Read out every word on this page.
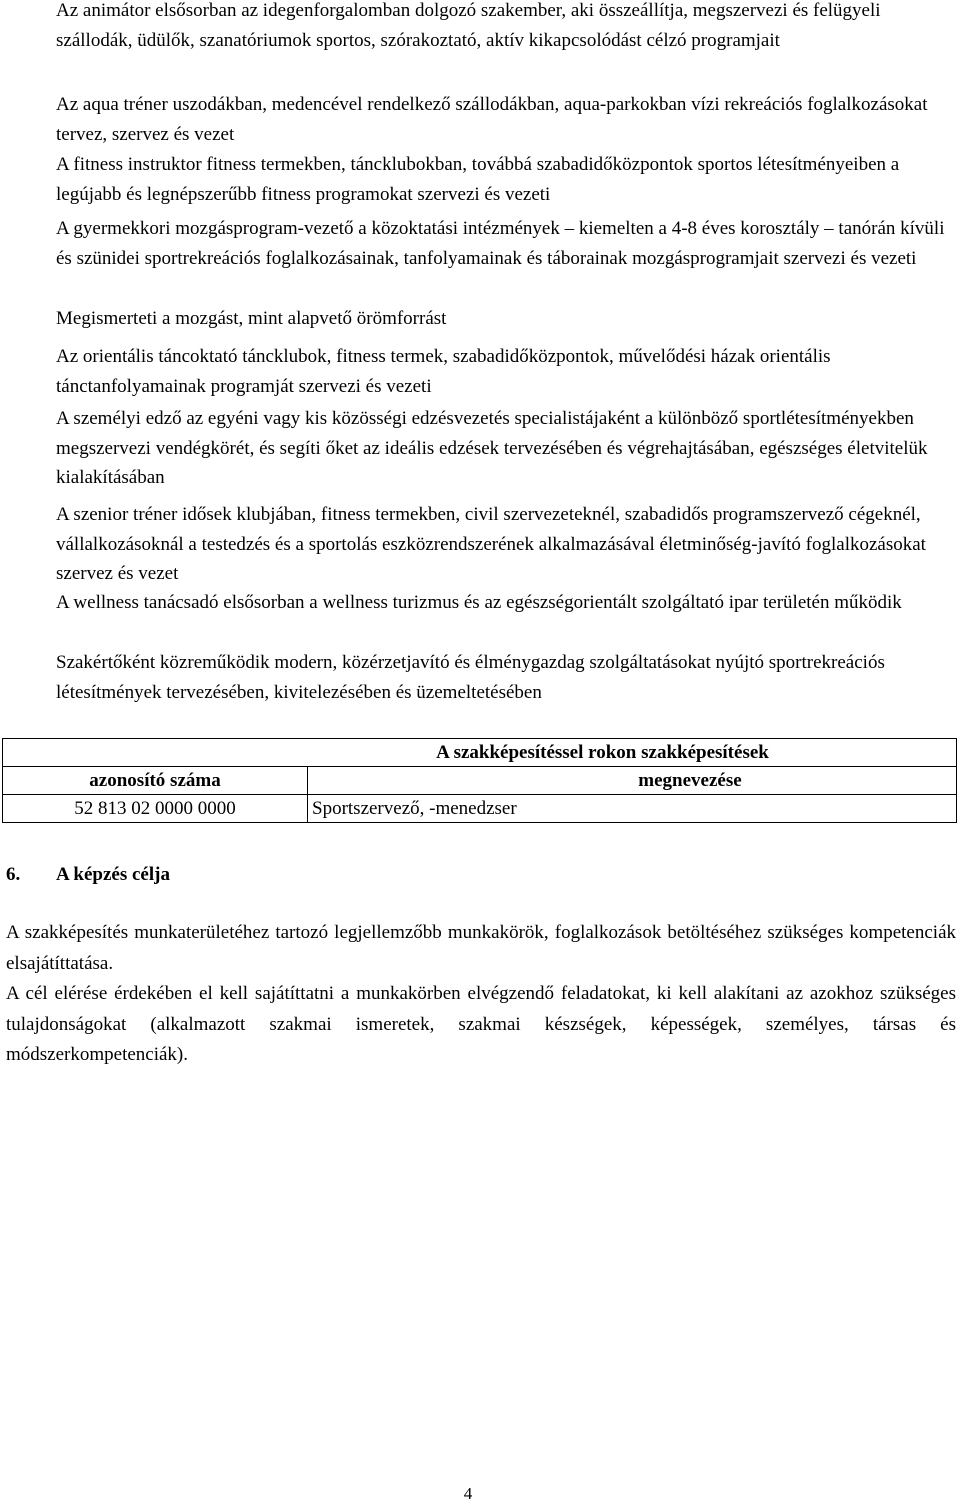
Az animátor elsősorban az idegenforgalomban dolgozó szakember, aki összeállítja, megszervezi és felügyeli szállodák, üdülők, szanatóriumok sportos, szórakoztató, aktív kikapcsolódást célzó programjait

Az aqua tréner uszodákban, medencével rendelkező szállodákban, aqua-parkokban vízi rekreációs foglalkozásokat tervez, szervez és vezet

A fitness instruktor fitness termekben, táncklubokban, továbbá szabadidőközpontok sportos létesítményeiben a legújabb és legnépszerűbb fitness programokat szervezi és vezeti

A gyermekkori mozgásprogram-vezető a közoktatási intézmények – kiemelten a 4-8 éves korosztály – tanórán kívüli és szünidei sportrekreációs foglalkozásainak, tanfolyamainak és táborainak mozgásprogramjait szervezi és vezeti

Megismerteti a mozgást, mint alapvető örömforrást

Az orientális táncoktató táncklubok, fitness termek, szabadidőközpontok, művelődési házak orientális tánctanfolyamainak programját szervezi és vezeti

A személyi edző az egyéni vagy kis közösségi edzésvezetés specialistájaként a különböző sportlétesítményekben megszervezi vendégkörét, és segíti őket az ideális edzések tervezésében és végrehajtásában, egészséges életvitelük kialakításában

A szenior tréner idősek klubjában, fitness termekben, civil szervezeteknél, szabadidős programszervező cégeknél, vállalkozásoknál a testedzés és a sportolás eszközrendszerének alkalmazásával életminőség-javító foglalkozásokat szervez és vezet

A wellness tanácsadó elsősorban a wellness turizmus és az egészségorientált szolgáltató ipar területén működik

Szakértőként közreműködik modern, közérzetjavító és élménygazdag szolgáltatásokat nyújtó sportrekreációs létesítmények tervezésében, kivitelezésében és üzemeltetésében

A szakképesítéssel rokon szakképesítések	
azonosító száma	megnevezése
52 813 02 0000 0000	Sportszervező, -menedzser

6. A képzés célja

A szakképesítés munkaterületéhez tartozó legjellemzőbb munkakörök, foglalkozások betöltéséhez szükséges kompetenciák elsajátíttatása.

A cél elérése érdekében el kell sajátíttatni a munkakörben elvégzendő feladatokat, ki kell alakítani az azokhoz szükséges tulajdonságokat (alkalmazott szakmai ismeretek, szakmai készségek, képességek, személyes, társas és módszerkompetenciák).

4
